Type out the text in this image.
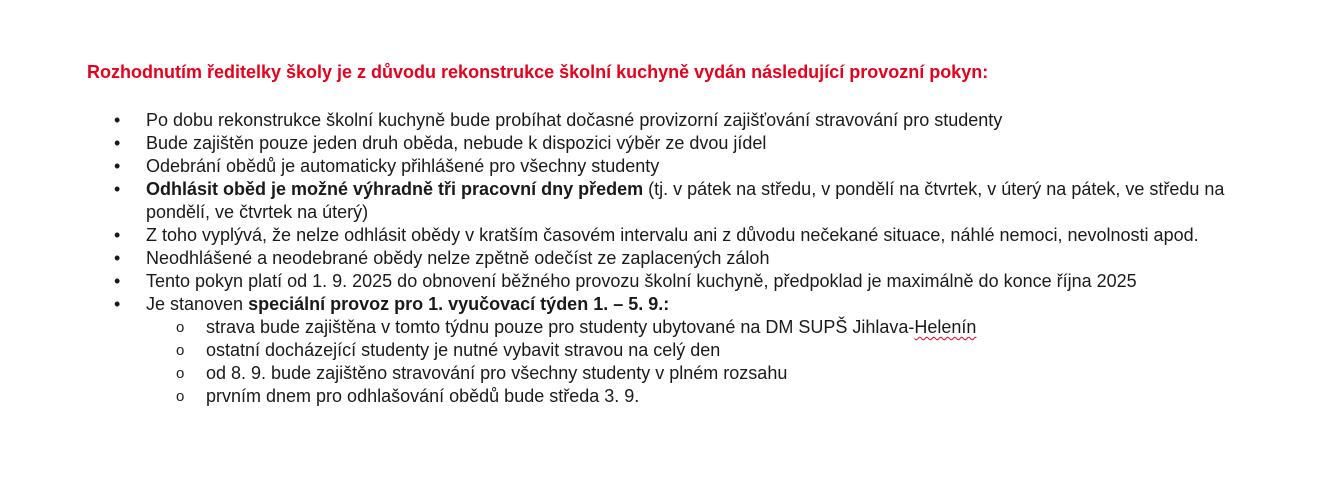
Rozhodnutím ředitelky školy je z důvodu rekonstrukce školní kuchyně vydán následující provozní pokyn:
•	Po dobu rekonstrukce školní kuchyně bude probíhat dočasné provizorní zajišťování stravování pro studenty
•	Bude zajištěn pouze jeden druh oběda, nebude k dispozici výběr ze dvou jídel
•	Odebrání obědů je automaticky přihlášené pro všechny studenty
•	Odhlásit oběd je možné výhradně tři pracovní dny předem (tj. v pátek na středu, v pondělí na čtvrtek, v úterý na pátek, ve středu na pondělí, ve čtvrtek na úterý)
•	Z toho vyplývá, že nelze odhlásit obědy v kratším časovém intervalu ani z důvodu nečekané situace, náhlé nemoci, nevolnosti apod.
•	Neodhlášené a neodebrané obědy nelze zpětně odečíst ze zaplacených záloh
•	Tento pokyn platí od 1. 9. 2025 do obnovení běžného provozu školní kuchyně, předpoklad je maximálně do konce října 2025
•	Je stanoven speciální provoz pro 1. vyučovací týden 1. – 5. 9.:
o strava bude zajištěna v tomto týdnu pouze pro studenty ubytované na DM SUPŠ Jihlava-Helenín
o ostatní docházející studenty je nutné vybavit stravou na celý den
o od 8. 9. bude zajištěno stravování pro všechny studenty v plném rozsahu
o prvním dnem pro odhlašování obědů bude středa 3. 9.
